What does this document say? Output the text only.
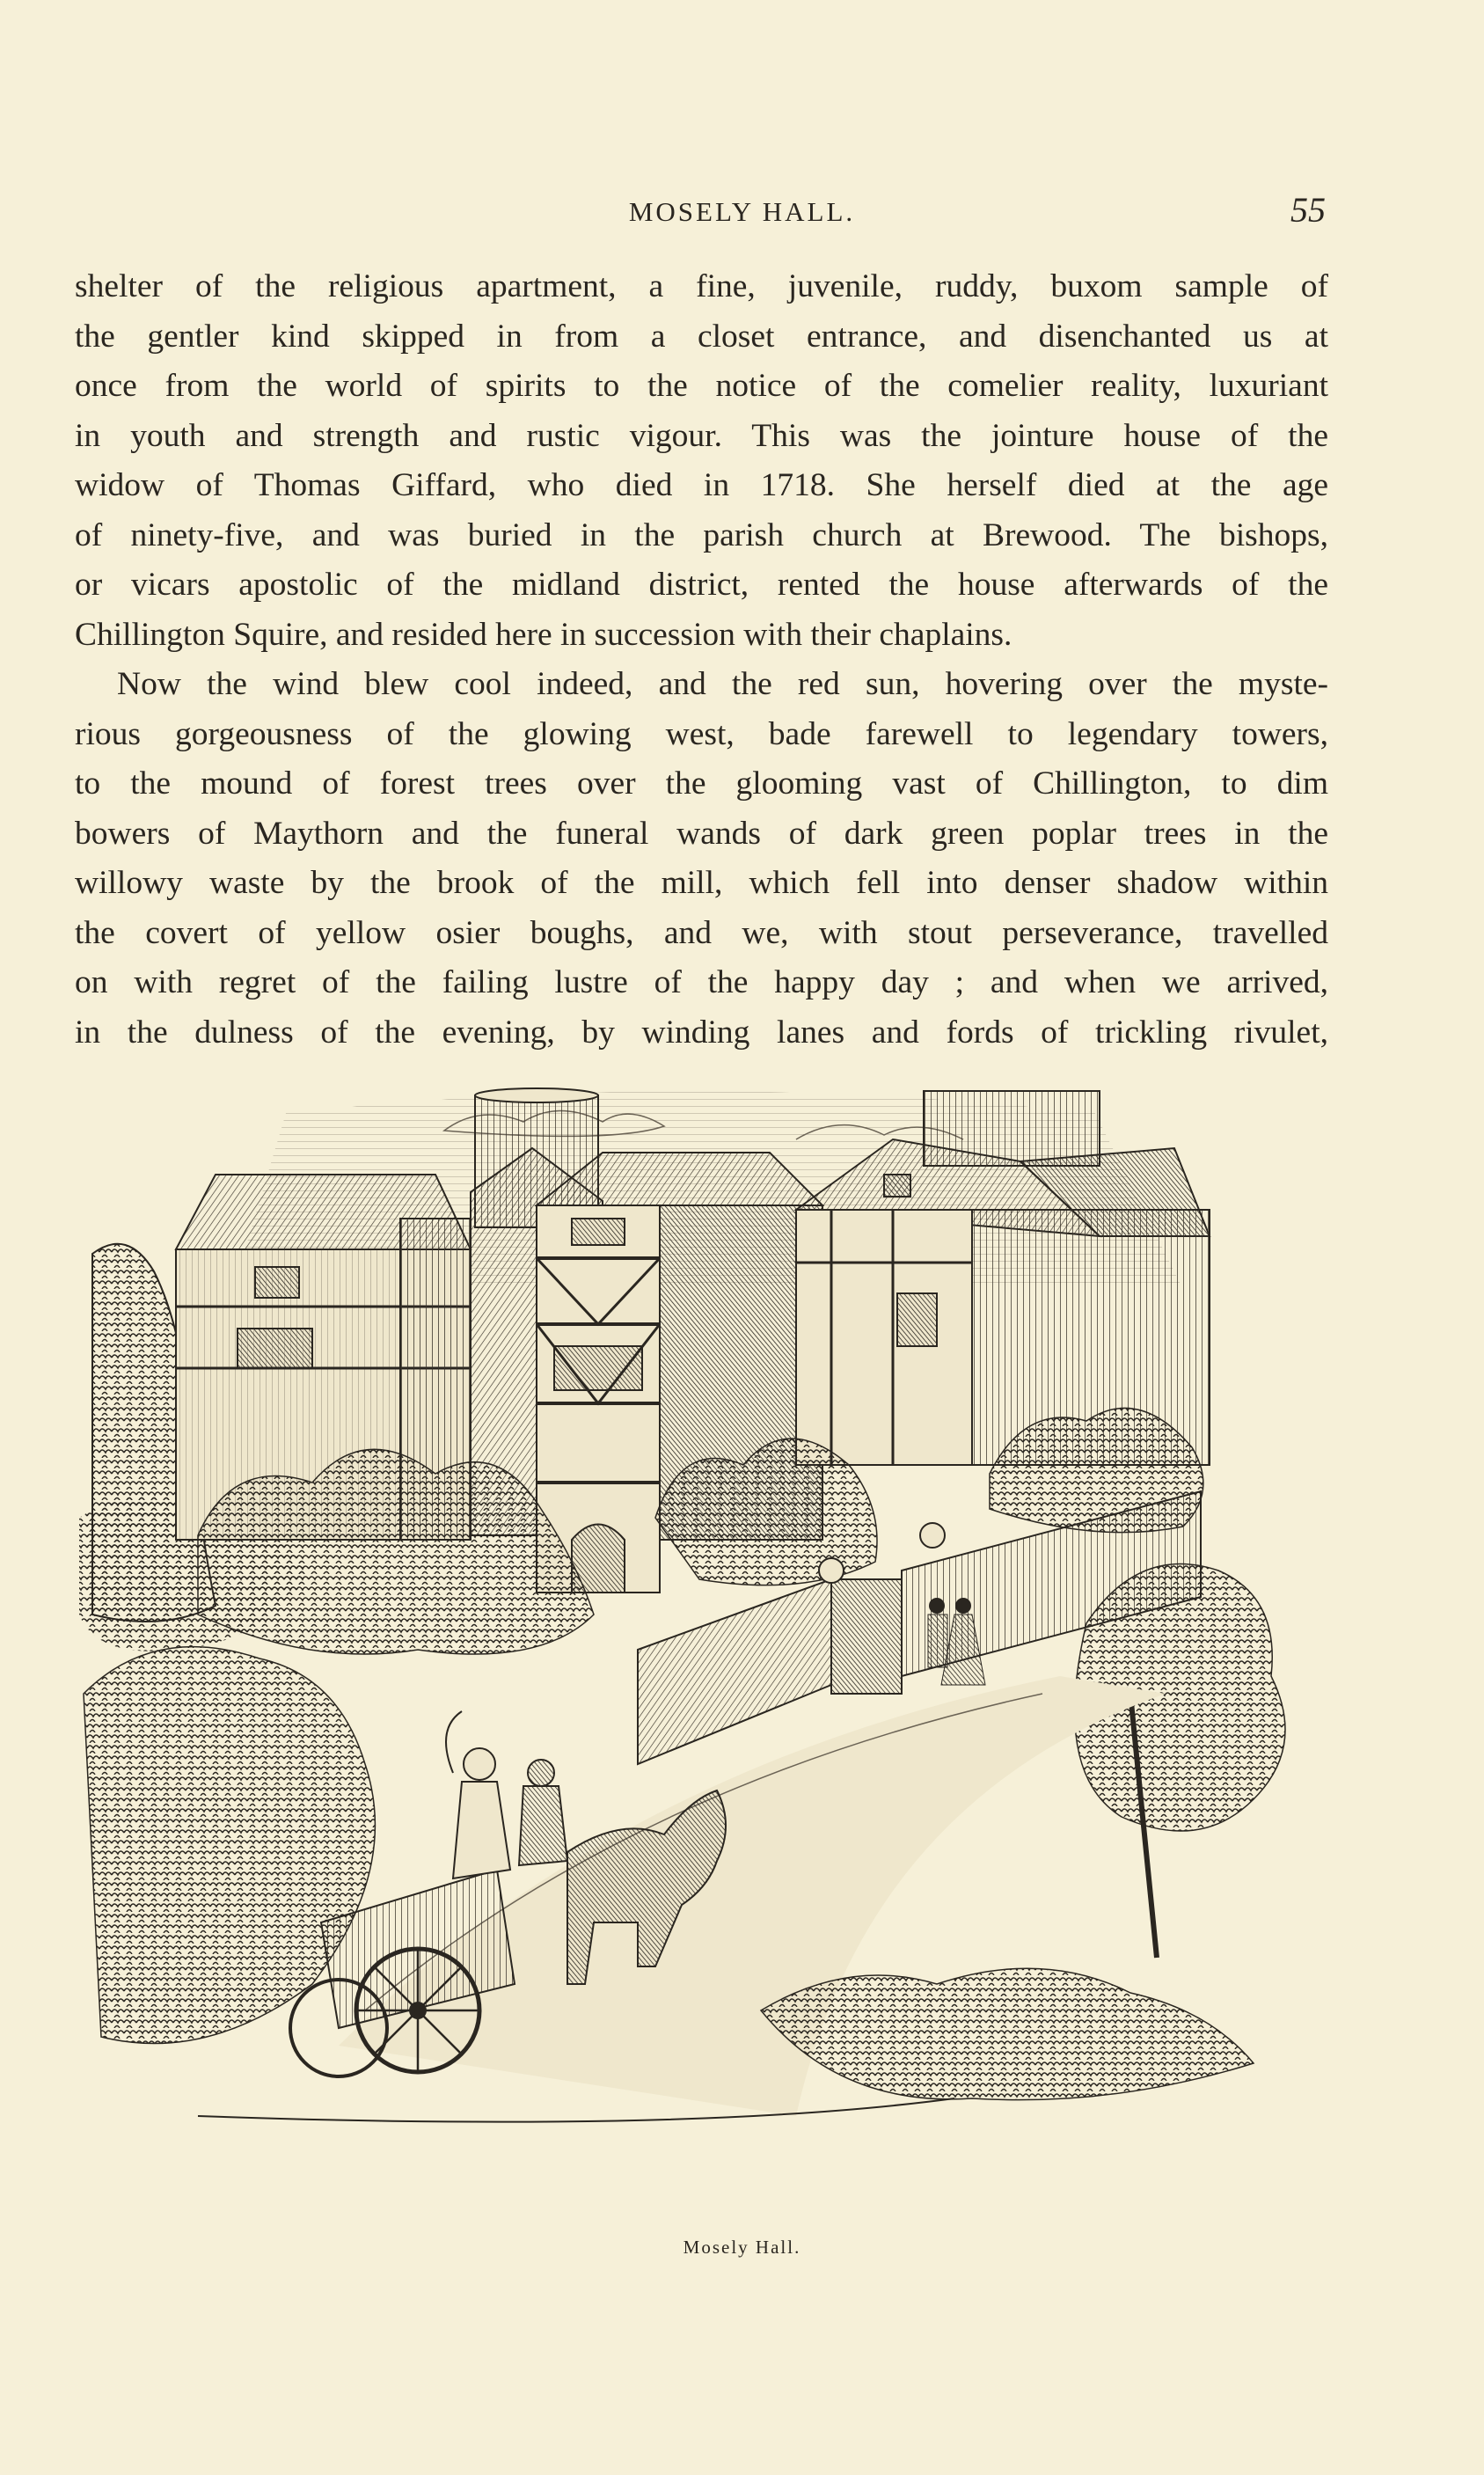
MOSELY HALL.	55
shelter of the religious apartment, a fine, juvenile, ruddy, buxom sample of
the gentler kind skipped in from a closet entrance, and disenchanted us at
once from the world of spirits to the notice of the comelier reality, luxuriant
in youth and strength and rustic vigour. This was the jointure house of the
widow of Thomas Giffard, who died in 1718. She herself died at the age
of ninety-five, and was buried in the parish church at Brewood. The bishops,
or vicars apostolic of the midland district, rented the house afterwards of the
Chillington Squire, and resided here in succession with their chaplains.
Now the wind blew cool indeed, and the red sun, hovering over the myste-
rious gorgeousness of the glowing west, bade farewell to legendary towers,
to the mound of forest trees over the glooming vast of Chillington, to dim
bowers of Maythorn and the funeral wands of dark green poplar trees in the
willowy waste by the brook of the mill, which fell into denser shadow within
the covert of yellow osier boughs, and we, with stout perseverance, travelled
on with regret of the failing lustre of the happy day ; and when we arrived,
in the dulness of the evening, by winding lanes and fords of trickling rivulet,
Mosely Hall.
